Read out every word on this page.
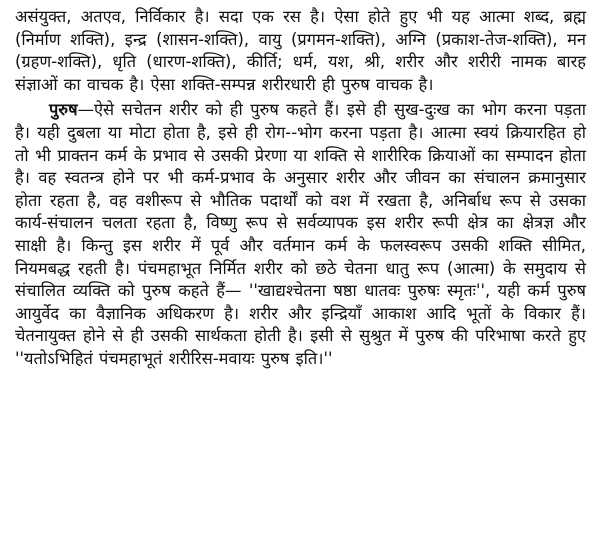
असंयुक्त, अतएव, निर्विकार है। सदा एक रस है। ऐसा होते हुए भी यह आत्मा शब्द, ब्रह्म (निर्माण शक्ति), इन्द्र (शासन-शक्ति), वायु (प्रगमन-शक्ति), अग्नि (प्रकाश-तेज-शक्ति), मन (ग्रहण-शक्ति), धृति (धारण-शक्ति), कीर्ति; धर्म, यश, श्री, शरीर और शरीरी नामक बारह संज्ञाओं का वाचक है। ऐसा शक्ति-सम्पन्न शरीरधारी ही पुरुष वाचक है।

पुरुष—ऐसे सचेतन शरीर को ही पुरुष कहते हैं। इसे ही सुख-दुःख का भोग करना पड़ता है। यही दुबला या मोटा होता है, इसे ही रोग--भोग करना पड़ता है। आत्मा स्वयं क्रियारहित हो तो भी प्राक्तन कर्म के प्रभाव से उसकी प्रेरणा या शक्ति से शारीरिक क्रियाओं का सम्पादन होता है। वह स्वतन्त्र होने पर भी कर्म-प्रभाव के अनुसार शरीर और जीवन का संचालन क्रमानुसार होता रहता है, वह वशीरूप से भौतिक पदार्थों को वश में रखता है, अनिर्बाध रूप से उसका कार्य-संचालन चलता रहता है, विष्णु रूप से सर्वव्यापक इस शरीर रूपी क्षेत्र का क्षेत्रज्ञ और साक्षी है। किन्तु इस शरीर में पूर्व और वर्तमान कर्म के फलस्वरूप उसकी शक्ति सीमित, नियमबद्ध रहती है। पंचमहाभूत निर्मित शरीर को छठे चेतना धातु रूप (आत्मा) के समुदाय से संचालित व्यक्ति को पुरुष कहते हैं— ''खाद्यश्चेतना षष्ठा धातवः पुरुषः स्मृतः'', यही कर्म पुरुष आयुर्वेद का वैज्ञानिक अधिकरण है। शरीर और इन्द्रियाँ आकाश आदि भूतों के विकार हैं। चेतनायुक्त होने से ही उसकी सार्थकता होती है। इसी से सुश्रुत में पुरुष की परिभाषा करते हुए ''यतोऽभिहितं पंचमहाभूतं शरीरिस-मवायः पुरुष इति।''
